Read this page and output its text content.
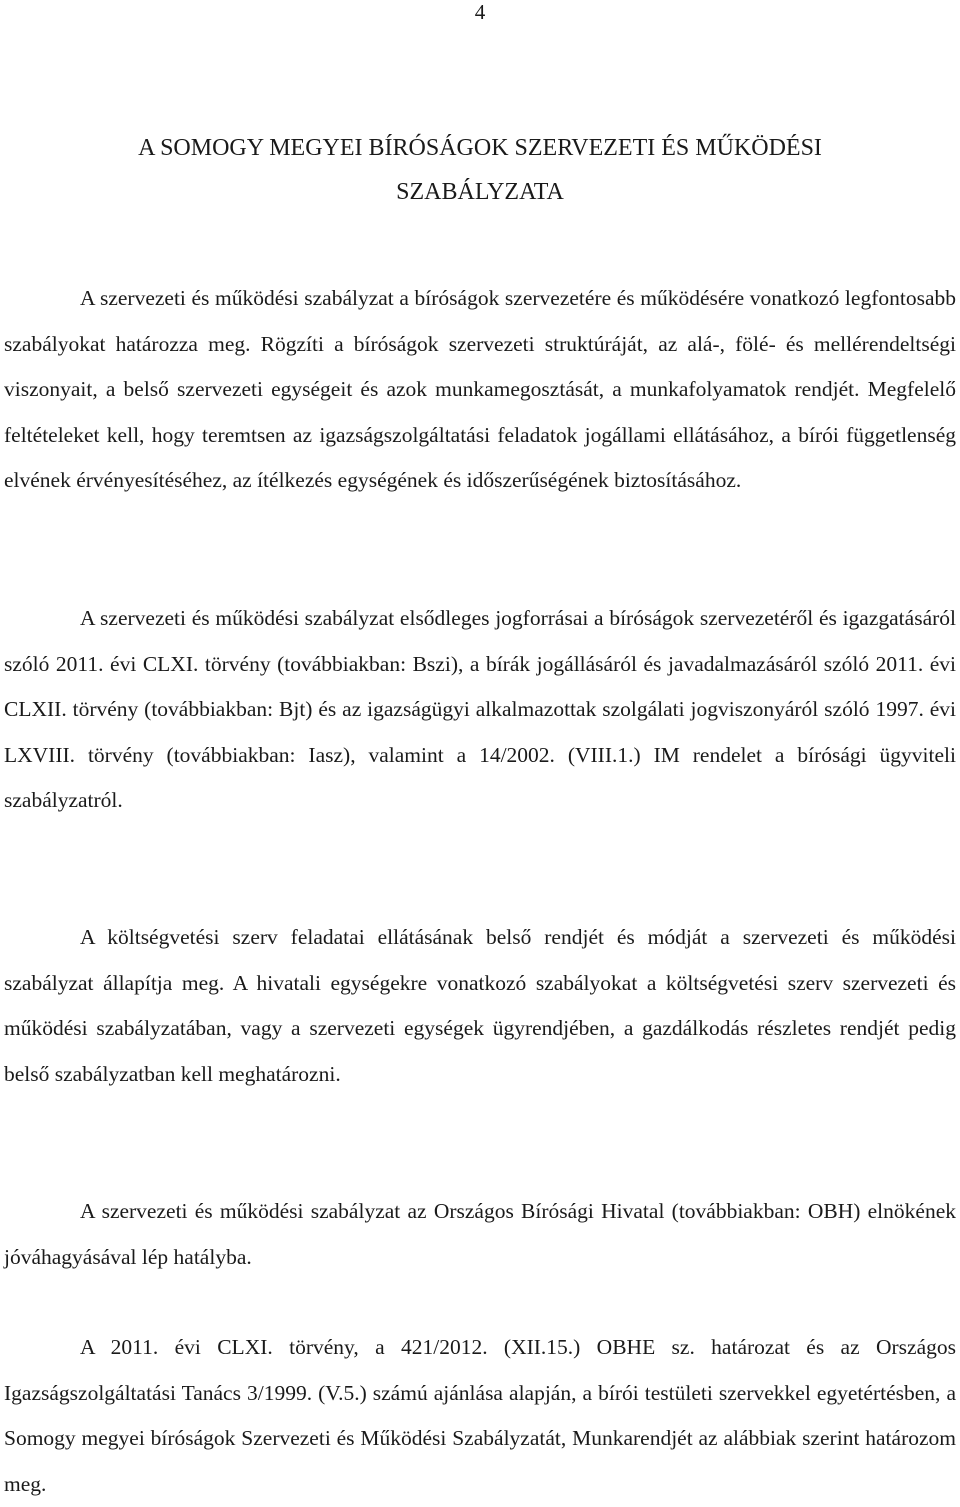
4
A SOMOGY MEGYEI BÍRÓSÁGOK SZERVEZETI ÉS MŰKÖDÉSI
SZABÁLYZATA

A szervezeti és működési szabályzat a bíróságok szervezetére és működésére vonatkozó legfontosabb szabályokat határozza meg. Rögzíti a bíróságok szervezeti struktúráját, az alá-, fölé- és mellérendeltségi viszonyait, a belső szervezeti egységeit és azok munkamegosztását, a munkafolyamatok rendjét. Megfelelő feltételeket kell, hogy teremtsen az igazságszolgáltatási feladatok jogállami ellátásához, a bírói függetlenség elvének érvényesítéséhez, az ítélkezés egységének és időszerűségének biztosításához.

A szervezeti és működési szabályzat elsődleges jogforrásai a bíróságok szervezetéről és igazgatásáról szóló 2011. évi CLXI. törvény (továbbiakban: Bszi), a bírák jogállásáról és javadalmazásáról szóló 2011. évi CLXII. törvény (továbbiakban: Bjt) és az igazságügyi alkalmazottak szolgálati jogviszonyáról szóló 1997. évi LXVIII. törvény (továbbiakban: Iasz), valamint a 14/2002. (VIII.1.) IM rendelet a bírósági ügyviteli szabályzatról.

A költségvetési szerv feladatai ellátásának belső rendjét és módját a szervezeti és működési szabályzat állapítja meg. A hivatali egységekre vonatkozó szabályokat a költségvetési szerv szervezeti és működési szabályzatában, vagy a szervezeti egységek ügyrendjében, a gazdálkodás részletes rendjét pedig belső szabályzatban kell meghatározni.

A szervezeti és működési szabályzat az Országos Bírósági Hivatal (továbbiakban: OBH) elnökének jóváhagyásával lép hatályba.

A 2011. évi CLXI. törvény, a 421/2012. (XII.15.) OBHE sz. határozat és az Országos Igazságszolgáltatási Tanács 3/1999. (V.5.) számú ajánlása alapján, a bírói testületi szervekkel egyetértésben, a Somogy megyei bíróságok Szervezeti és Működési Szabályzatát, Munkarendjét az alábbiak szerint határozom meg.
